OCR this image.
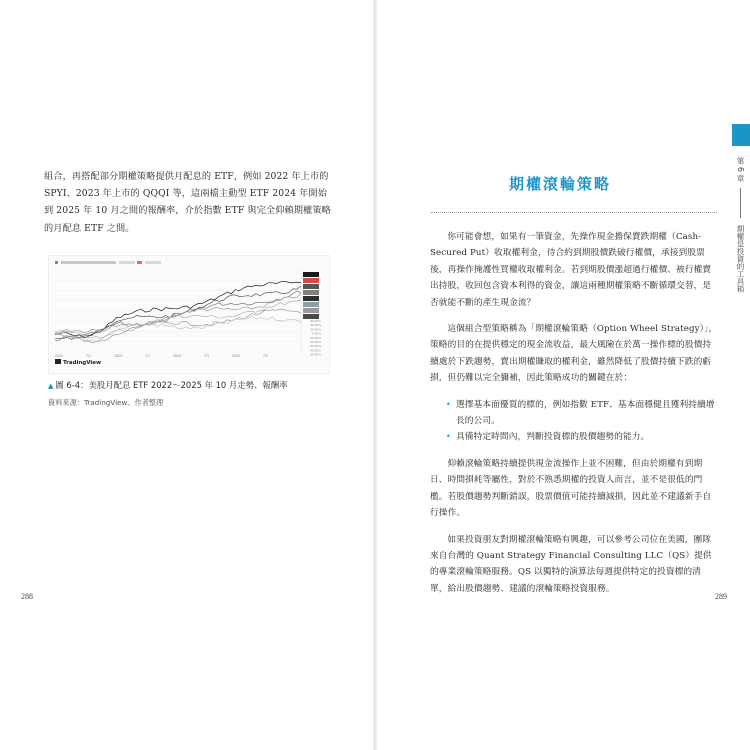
組合，再搭配部分期權策略提供月配息的 ETF，例如 2022 年上市的 SPYI、2023 年上市的 QQQI 等，這兩檔主動型 ETF 2024 年開始到 2025 年 10 月之間的報酬率，介於指數 ETF 與完全仰賴期權策略的月配息 ETF 之間。

TradingView
2022	7月	2023	7月	2024	7月	2025	7月
60.00%
40.00%
20.00%
0.00%
-10.00%
-20.00%
-30.00%
-40.00%
-50.00%
▲ 圖 6-4：美股月配息 ETF 2022～2025 年 10 月走勢、報酬率
資料來源：TradingView、作者整理
288
期權滾輪策略

你可能會想，如果有一筆資金，先操作現金擔保賣跌期權（Cash-Secured Put）收取權利金，待合約到期股價跌破行權價，承接到股票後，再操作掩護性買權收取權利金。若到期股價漲超過行權價、被行權賣出持股，收回包含資本利得的資金，讓這兩種期權策略不斷循環交替，是否就能不斷的產生現金流？

這個組合型策略稱為「期權滾輪策略（Option Wheel Strategy）」，策略的目的在提供穩定的現金流收益，最大風險在於萬一操作標的股價持續處於下跌趨勢，賣出期權賺取的權利金，雖然降低了股價持續下跌的虧損，但仍難以完全彌補，因此策略成功的關鍵在於：

• 選擇基本面優質的標的，例如指數 ETF、基本面穩健且獲利持續增長的公司。
• 具備特定時間內，判斷投資標的股價趨勢的能力。

仰賴滾輪策略持續提供現金流操作上並不困難，但由於期權有到期日、時間損耗等屬性，對於不熟悉期權的投資人而言，並不是很低的門檻。若股價趨勢判斷錯誤，股票價值可能持續減損，因此並不建議新手自行操作。

如果投資朋友對期權滾輪策略有興趣，可以參考公司位在美國，團隊來自台灣的 Quant Strategy Financial Consulting LLC（QS）提供的專業滾輪策略服務。QS 以獨特的演算法每週提供特定的投資標的清單，給出股價趨勢、建議的滾輪策略投資服務。

第 6 章  期權是投資的工具箱
289
